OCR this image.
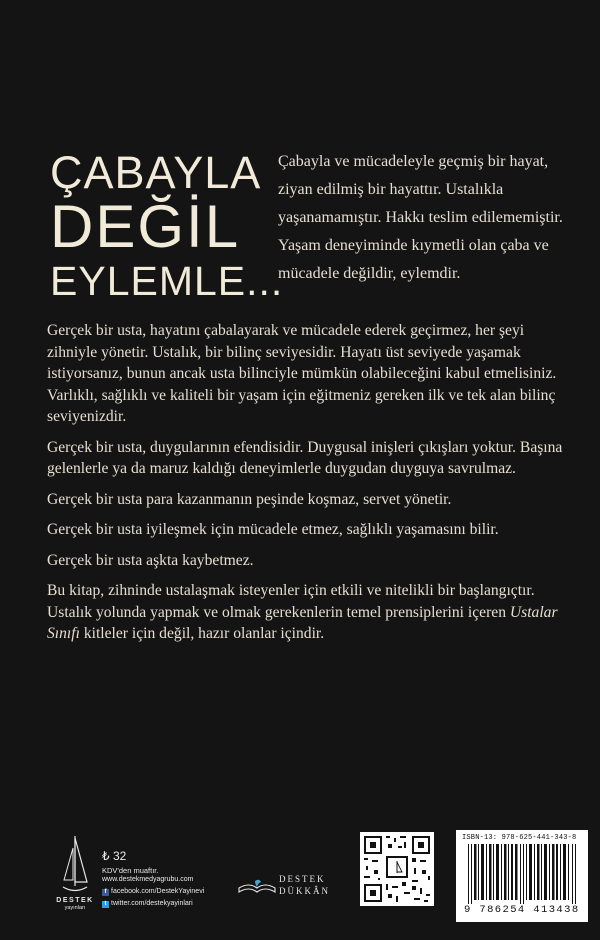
ÇABAYLA
DEĞİL
EYLEMLE...
Çabayla ve mücadeleyle geçmiş bir hayat, ziyan edilmiş bir hayattır. Ustalıkla yaşanamamıştır. Hakkı teslim edilememiştir. Yaşam deneyiminde kıymetli olan çaba ve mücadele değildir, eylemdir.

Gerçek bir usta, hayatını çabalayarak ve mücadele ederek geçirmez, her şeyi zihniyle yönetir. Ustalık, bir bilinç seviyesidir. Hayatı üst seviyede yaşamak istiyorsanız, bunun ancak usta bilinciyle mümkün olabileceğini kabul etmelisiniz. Varlıklı, sağlıklı ve kaliteli bir yaşam için eğitmeniz gereken ilk ve tek alan bilinç seviyenizdir.

Gerçek bir usta, duygularının efendisidir. Duygusal inişleri çıkışları yoktur. Başına gelenlerle ya da maruz kaldığı deneyimlerle duygudan duyguya savrulmaz.

Gerçek bir usta para kazanmanın peşinde koşmaz, servet yönetir.

Gerçek bir usta iyileşmek için mücadele etmez, sağlıklı yaşamasını bilir.

Gerçek bir usta aşkta kaybetmez.

Bu kitap, zihninde ustalaşmak isteyenler için etkili ve nitelikli bir başlangıçtır. Ustalık yolunda yapmak ve olmak gerekenlerin temel prensiplerini içeren Ustalar Sınıfı kitleler için değil, hazır olanlar içindir.

DESTEK
yayınları
₺ 32
KDV'den muaftır.
www.destekmedyagrubu.com
f facebook.com/DestekYayinevi
t twitter.com/destekyayinlari
DESTEK
DÜKKÂN
ISBN-13: 978-625-441-343-8
9 786254 413438
